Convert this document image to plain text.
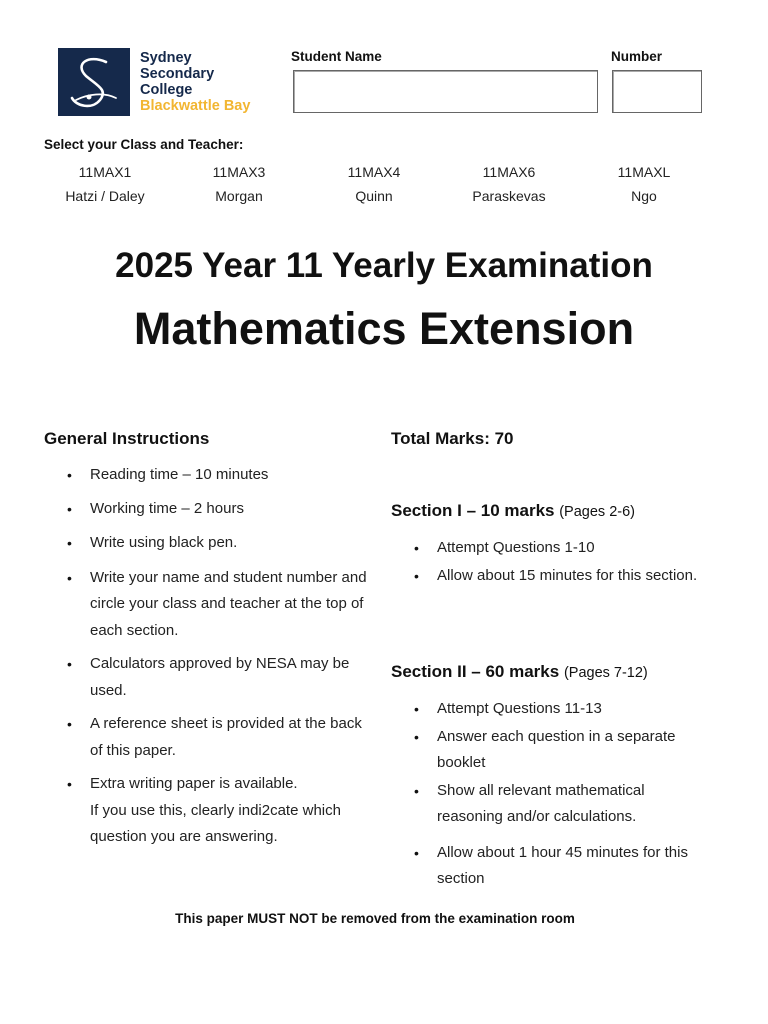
Sydney
Secondary
College
Blackwattle Bay
Student Name	Number
Select your Class and Teacher:
11MAX1
Hatzi / Daley
11MAX3
Morgan
11MAX4
Quinn
11MAX6
Paraskevas
11MAXL
Ngo
2025 Year 11 Yearly Examination
Mathematics Extension
General Instructions
• Reading time – 10 minutes
• Working time – 2 hours
• Write using black pen.
• Write your name and student number and circle your class and teacher at the top of each section.
• Calculators approved by NESA may be used.
• A reference sheet is provided at the back of this paper.
• Extra writing paper is available.
If you use this, clearly indi2cate which question you are answering.
Total Marks: 70
Section I – 10 marks (Pages 2-6)
• Attempt Questions 1-10
• Allow about 15 minutes for this section.
Section II – 60 marks (Pages 7-12)
• Attempt Questions 11-13
• Answer each question in a separate booklet
• Show all relevant mathematical reasoning and/or calculations.
• Allow about 1 hour 45 minutes for this section
This paper MUST NOT be removed from the examination room
